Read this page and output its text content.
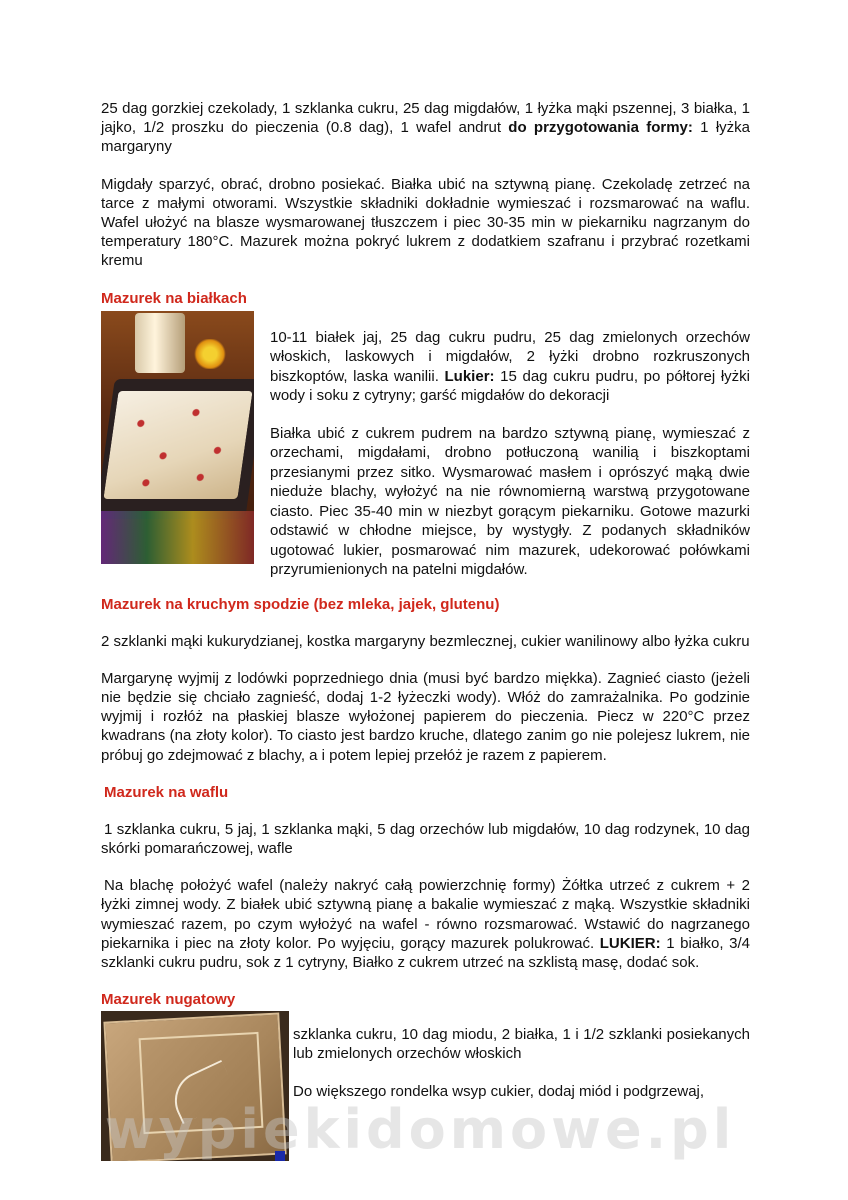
25 dag gorzkiej czekolady, 1 szklanka cukru, 25 dag migdałów, 1 łyżka mąki pszennej, 3 białka, 1 jajko, 1/2 proszku do pieczenia (0.8 dag), 1 wafel andrut do przygotowania formy: 1 łyżka margaryny

Migdały sparzyć, obrać, drobno posiekać. Białka ubić na sztywną pianę. Czekoladę zetrzeć na tarce z małymi otworami. Wszystkie składniki dokładnie wymieszać i rozsmarować na waflu. Wafel ułożyć na blasze wysmarowanej tłuszczem i piec 30-35 min w piekarniku nagrzanym do temperatury 180°C. Mazurek można pokryć lukrem z dodatkiem szafranu i przybrać rozetkami kremu

Mazurek na białkach

10-11 białek jaj, 25 dag cukru pudru, 25 dag zmielonych orzechów włoskich, laskowych i migdałów, 2 łyżki drobno rozkruszonych biszkoptów, laska wanilii. Lukier: 15 dag cukru pudru, po półtorej łyżki wody i soku z cytryny; garść migdałów do dekoracji

Białka ubić z cukrem pudrem na bardzo sztywną pianę, wymieszać z orzechami, migdałami, drobno potłuczoną wanilią i biszkoptami przesianymi przez sitko. Wysmarować masłem i oprószyć mąką dwie nieduże blachy, wyłożyć na nie równomierną warstwą przygotowane ciasto. Piec 35-40 min w niezbyt gorącym piekarniku. Gotowe mazurki odstawić w chłodne miejsce, by wystygły. Z podanych składników ugotować lukier, posmarować nim mazurek, udekorować połówkami przyrumienionych na patelni migdałów.

Mazurek na kruchym spodzie (bez mleka, jajek, glutenu)

2 szklanki mąki kukurydzianej, kostka margaryny bezmlecznej, cukier wanilinowy albo łyżka cukru

Margarynę wyjmij z lodówki poprzedniego dnia (musi być bardzo miękka). Zagnieć ciasto (jeżeli nie będzie się chciało zagnieść, dodaj 1-2 łyżeczki wody). Włóż do zamrażalnika. Po godzinie wyjmij i rozłóż na płaskiej blasze wyłożonej papierem do pieczenia. Piecz w 220°C przez kwadrans (na złoty kolor). To ciasto jest bardzo kruche, dlatego zanim go nie polejesz lukrem, nie próbuj go zdejmować z blachy, a i potem lepiej przełóż je razem z papierem.

Mazurek na waflu

1 szklanka cukru, 5 jaj, 1 szklanka mąki, 5 dag orzechów lub migdałów, 10 dag rodzynek, 10 dag skórki pomarańczowej, wafle

Na blachę położyć wafel (należy nakryć całą powierzchnię formy) Żółtka utrzeć z cukrem + 2 łyżki zimnej wody. Z białek ubić sztywną pianę a bakalie wymieszać z mąką. Wszystkie składniki wymieszać razem, po czym wyłożyć na wafel - równo rozsmarować. Wstawić do nagrzanego piekarnika i piec na złoty kolor. Po wyjęciu, gorący mazurek polukrować. LUKIER: 1 białko, 3/4 szklanki cukru pudru, sok z 1 cytryny, Białko z cukrem utrzeć na szklistą masę, dodać sok.

Mazurek nugatowy

szklanka cukru, 10 dag miodu, 2 białka, 1 i 1/2 szklanki posiekanych lub zmielonych orzechów włoskich

Do większego rondelka wsyp cukier, dodaj miód i podgrzewaj,

wypiekidomowe.pl
